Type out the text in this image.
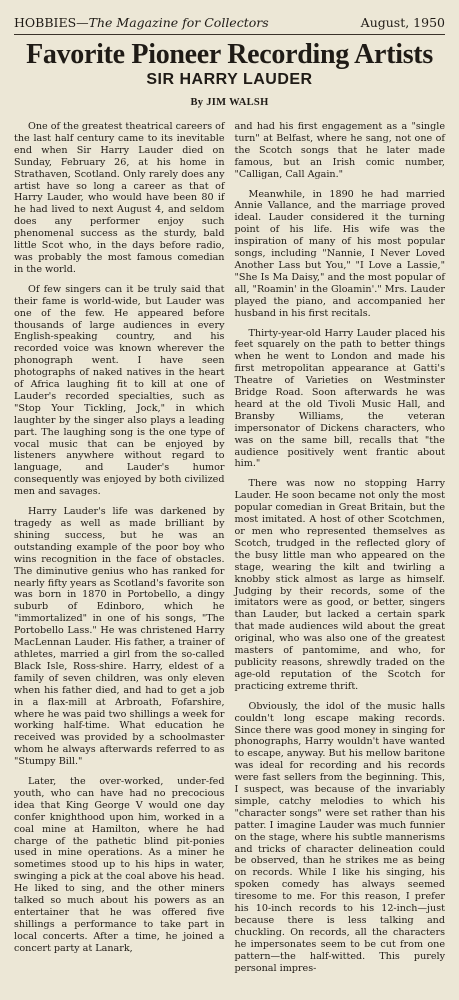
HOBBIES—The Magazine for Collectors	August, 1950
Favorite Pioneer Recording Artists
SIR HARRY LAUDER
By JIM WALSH

One of the greatest theatrical careers of the last half century came to its inevitable end when Sir Harry Lauder died on Sunday, February 26, at his home in Strathaven, Scotland. Only rarely does any artist have so long a career as that of Harry Lauder, who would have been 80 if he had lived to next August 4, and seldom does any performer enjoy such phenomenal success as the sturdy, bald little Scot who, in the days before radio, was probably the most famous comedian in the world.

Of few singers can it be truly said that their fame is world-wide, but Lauder was one of the few. He appeared before thousands of large audiences in every English-speaking country, and his recorded voice was known wherever the phonograph went. I have seen photographs of naked natives in the heart of Africa laughing fit to kill at one of Lauder's recorded specialties, such as "Stop Your Tickling, Jock," in which laughter by the singer also plays a leading part. The laughing song is the one type of vocal music that can be enjoyed by listeners anywhere without regard to language, and Lauder's humor consequently was enjoyed by both civilized men and savages.

Harry Lauder's life was darkened by tragedy as well as made brilliant by shining success, but he was an outstanding example of the poor boy who wins recognition in the face of obstacles. The diminutive genius who has ranked for nearly fifty years as Scotland's favorite son was born in 1870 in Portobello, a dingy suburb of Edinboro, which he "immortalized" in one of his songs, "The Portobello Lass." He was christened Harry MacLennan Lauder. His father, a trainer of athletes, married a girl from the so-called Black Isle, Ross-shire. Harry, eldest of a family of seven children, was only eleven when his father died, and had to get a job in a flax-mill at Arbroath, Fofarshire, where he was paid two shillings a week for working half-time. What education he received was provided by a schoolmaster whom he always afterwards referred to as "Stumpy Bill."

Later, the over-worked, under-fed youth, who can have had no precocious idea that King George V would one day confer knighthood upon him, worked in a coal mine at Hamilton, where he had charge of the pathetic blind pit-ponies used in mine operations. As a miner he sometimes stood up to his hips in water, swinging a pick at the coal above his head. He liked to sing, and the other miners talked so much about his powers as an entertainer that he was offered five shillings a performance to take part in local concerts. After a time, he joined a concert party at Lanark,

and had his first engagement as a "single turn" at Belfast, where he sang, not one of the Scotch songs that he later made famous, but an Irish comic number, "Calligan, Call Again."

Meanwhile, in 1890 he had married Annie Vallance, and the marriage proved ideal. Lauder considered it the turning point of his life. His wife was the inspiration of many of his most popular songs, including "Nannie, I Never Loved Another Lass but You," "I Love a Lassie," "She Is Ma Daisy," and the most popular of all, "Roamin' in the Gloamin'." Mrs. Lauder played the piano, and accompanied her husband in his first recitals.

Thirty-year-old Harry Lauder placed his feet squarely on the path to better things when he went to London and made his first metropolitan appearance at Gatti's Theatre of Varieties on Westminster Bridge Road. Soon afterwards he was heard at the old Tivoli Music Hall, and Bransby Williams, the veteran impersonator of Dickens characters, who was on the same bill, recalls that "the audience positively went frantic about him."

There was now no stopping Harry Lauder. He soon became not only the most popular comedian in Great Britain, but the most imitated. A host of other Scotchmen, or men who represented themselves as Scotch, trudged in the reflected glory of the busy little man who appeared on the stage, wearing the kilt and twirling a knobby stick almost as large as himself. Judging by their records, some of the imitators were as good, or better, singers than Lauder, but lacked a certain spark that made audiences wild about the great original, who was also one of the greatest masters of pantomime, and who, for publicity reasons, shrewdly traded on the age-old reputation of the Scotch for practicing extreme thrift.

Obviously, the idol of the music halls couldn't long escape making records. Since there was good money in singing for phonographs, Harry wouldn't have wanted to escape, anyway. But his mellow baritone was ideal for recording and his records were fast sellers from the beginning. This, I suspect, was because of the invariably simple, catchy melodies to which his "character songs" were set rather than his patter. I imagine Lauder was much funnier on the stage, where his subtle mannerisms and tricks of character delineation could be observed, than he strikes me as being on records. While I like his singing, his spoken comedy has always seemed tiresome to me. For this reason, I prefer his 10-inch records to his 12-inch—just because there is less talking and chuckling. On records, all the characters he impersonates seem to be cut from one pattern—the half-witted. This purely personal impres-
